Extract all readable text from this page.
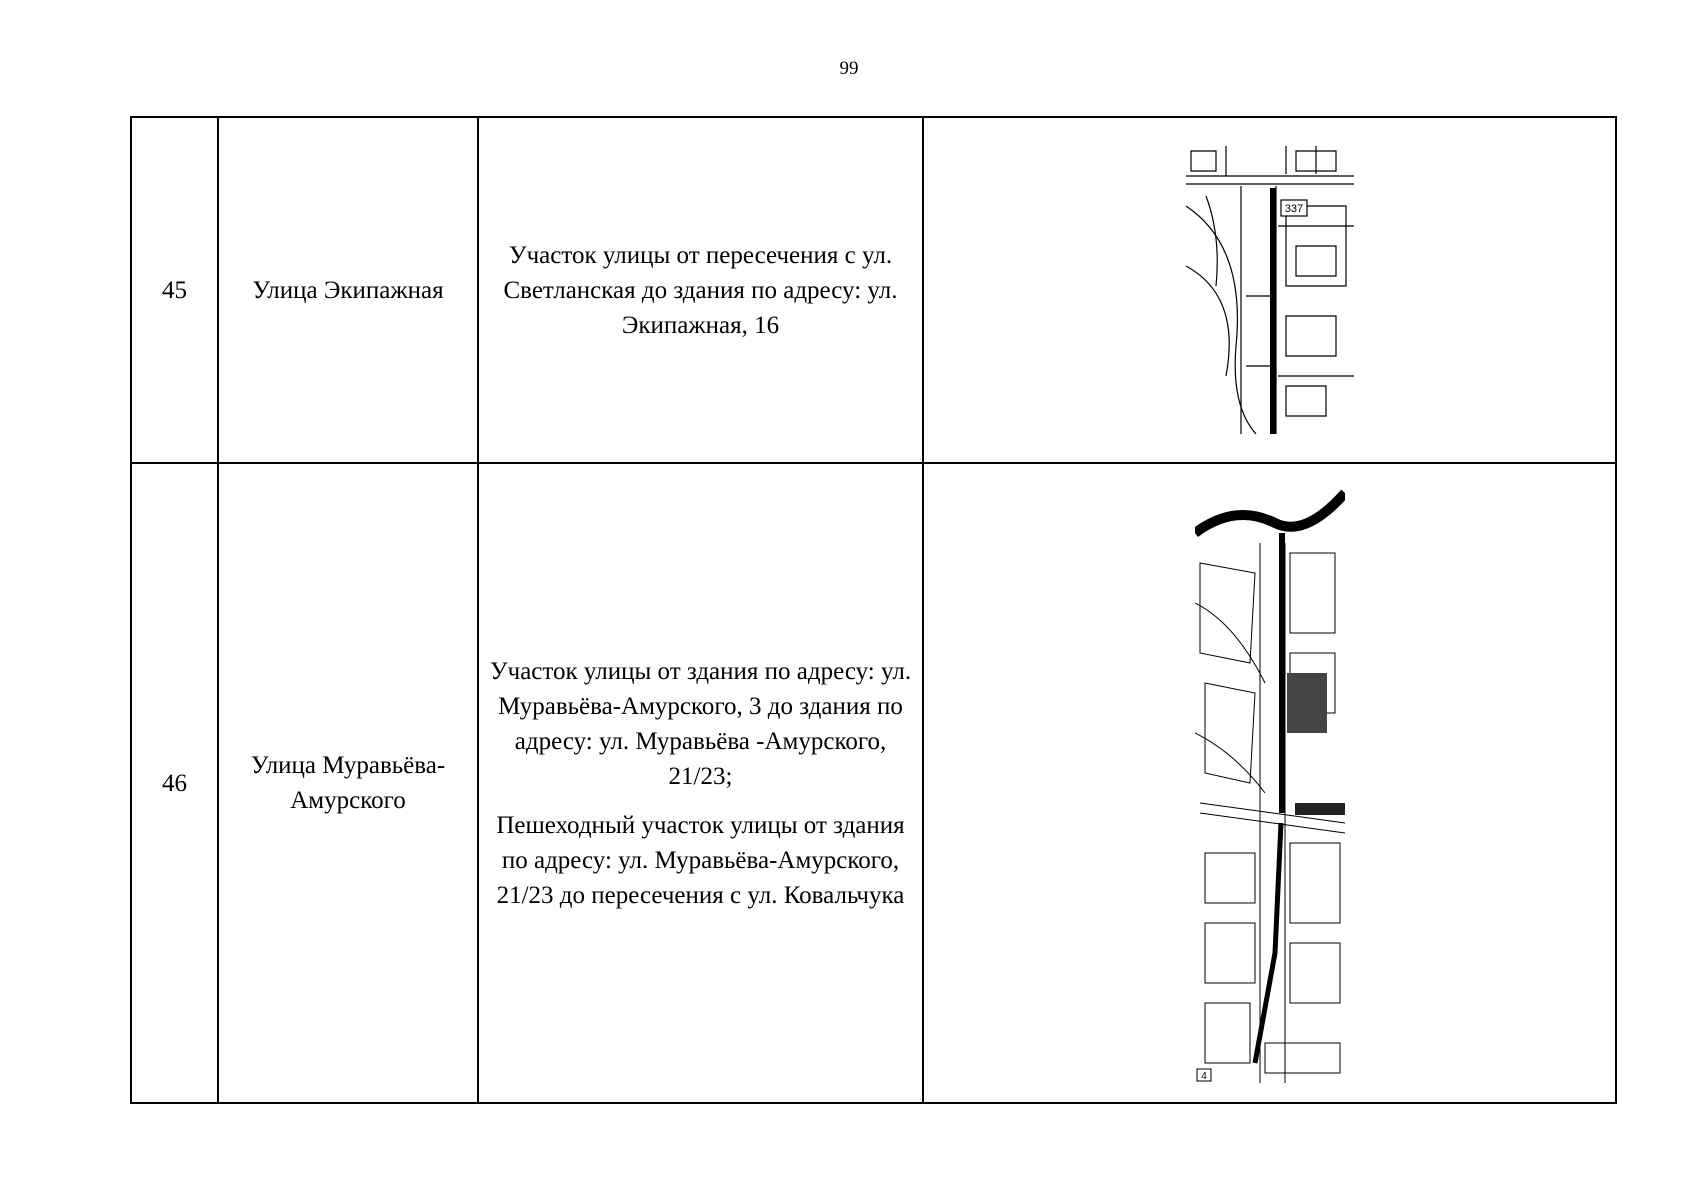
99
45	Улица Экипажная	Участок улицы от пересечения с ул. Светланская до здания по адресу: ул. Экипажная, 16	337

46	Улица Муравьёва-Амурского	Участок улицы от здания по адресу: ул. Муравьёва-Амурского, 3 до здания по адресу: ул. Муравьёва -Амурского, 21/23;
Пешеходный участок улицы от здания по адресу: ул. Муравьёва-Амурского, 21/23 до пересечения с ул. Ковальчука	4
